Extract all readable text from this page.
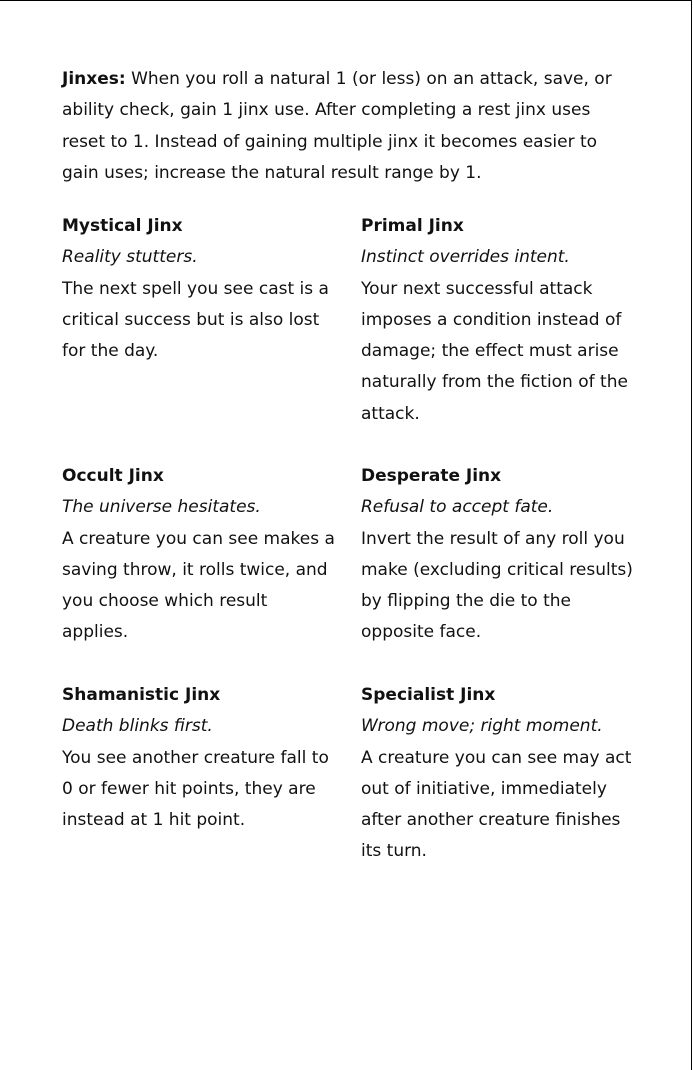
Jinxes: When you roll a natural 1 (or less) on an attack, save, or ability check, gain 1 jinx use. After completing a rest jinx uses reset to 1. Instead of gaining multiple jinx it becomes easier to gain uses; increase the natural result range by 1.

Mystical Jinx
Reality stutters.
The next spell you see cast is a critical success but is also lost for the day.
Primal Jinx
Instinct overrides intent.
Your next successful attack imposes a condition instead of damage; the effect must arise naturally from the fiction of the attack.
Occult Jinx
The universe hesitates.
A creature you can see makes a saving throw, it rolls twice, and you choose which result applies.
Desperate Jinx
Refusal to accept fate.
Invert the result of any roll you make (excluding critical results) by flipping the die to the opposite face.
Shamanistic Jinx
Death blinks first.
You see another creature fall to 0 or fewer hit points, they are instead at 1 hit point.
Specialist Jinx
Wrong move; right moment.
A creature you can see may act out of initiative, immediately after another creature finishes its turn.
